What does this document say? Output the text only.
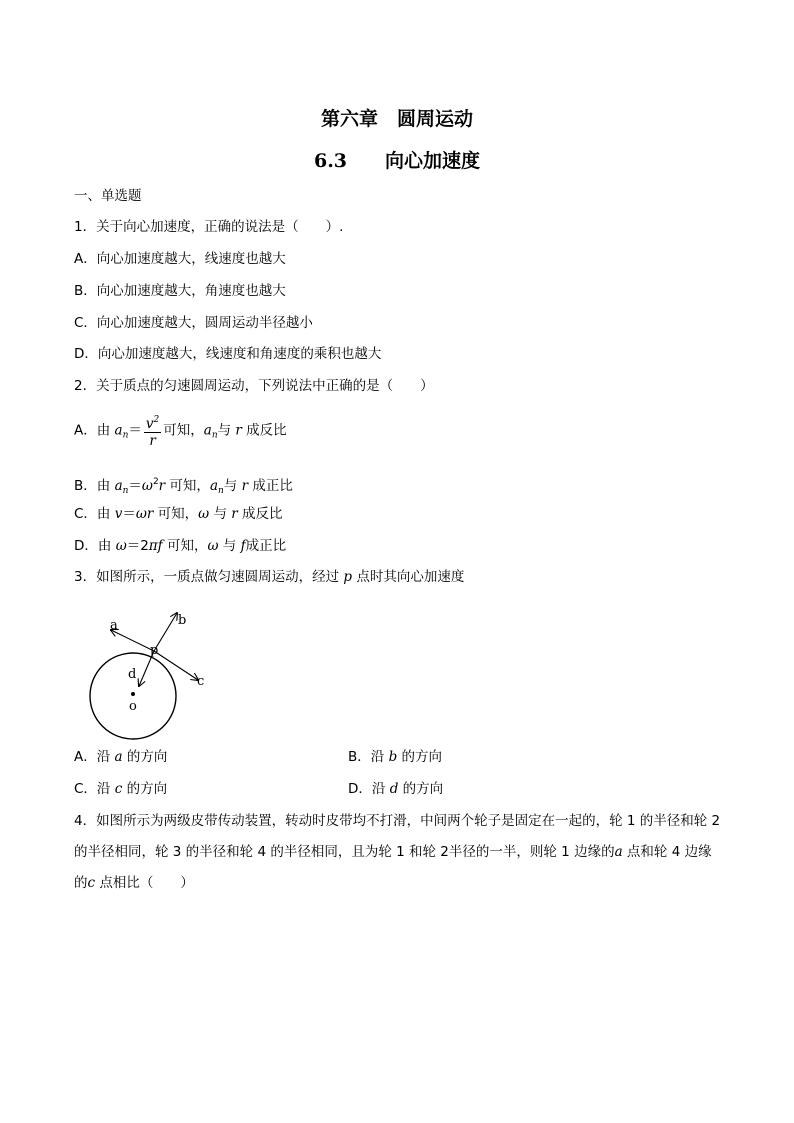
第六章　圆周运动
6.3　　向心加速度
一、单选题
1．关于向心加速度，正确的说法是（　　）.
A．向心加速度越大，线速度也越大
B．向心加速度越大，角速度也越大
C．向心加速度越大，圆周运动半径越小
D．向心加速度越大，线速度和角速度的乘积也越大
2．关于质点的匀速圆周运动，下列说法中正确的是（　　）
A．由 $a_n= \frac{v^2}{r}$ 可知，$a_n$与 r 成反比
B．由 $a_n=\omega^2r$ 可知，$a_n$与 r 成正比
C．由 v＝ωr 可知，ω 与 r 成反比
D．由 ω＝2πf 可知，ω 与 f成正比
3．如图所示，一质点做匀速圆周运动，经过 p 点时其向心加速度
a	b
c
d
p
o
A．沿 a 的方向	B．沿 b 的方向
C．沿 c 的方向	D．沿 d 的方向
4．如图所示为两级皮带传动装置，转动时皮带均不打滑，中间两个轮子是固定在一起的，轮 1 的半径和轮 2 的半径相同，轮 3 的半径和轮 4 的半径相同，且为轮 1 和轮 2半径的一半，则轮 1 边缘的a 点和轮 4 边缘的c 点相比（　　）
